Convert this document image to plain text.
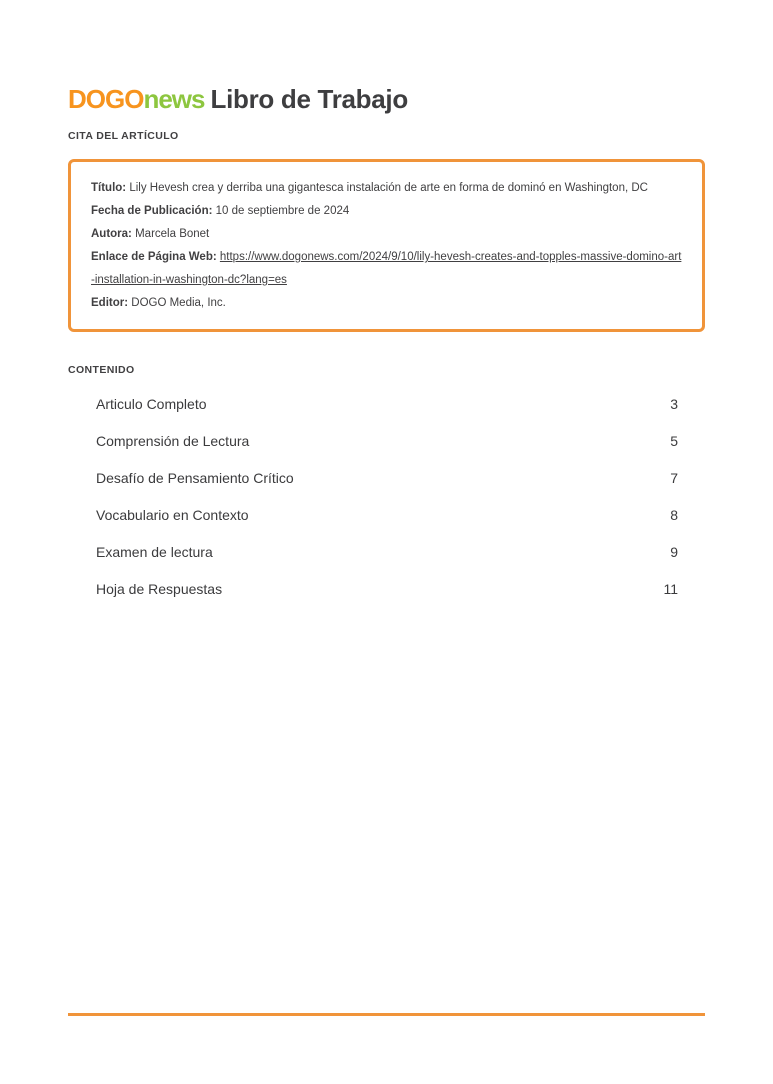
DOGOnews Libro de Trabajo
CITA DEL ARTÍCULO

Título: Lily Hevesh crea y derriba una gigantesca instalación de arte en forma de dominó en Washington, DC

Fecha de Publicación: 10 de septiembre de 2024

Autora: Marcela Bonet

Enlace de Página Web: https://www.dogonews.com/2024/9/10/lily-hevesh-creates-and-topples-massive-domino-art-installation-in-washington-dc?lang=es

Editor: DOGO Media, Inc.

CONTENIDO
Articulo Completo	3
Comprensión de Lectura	5
Desafío de Pensamiento Crítico	7
Vocabulario en Contexto	8
Examen de lectura	9
Hoja de Respuestas	11
